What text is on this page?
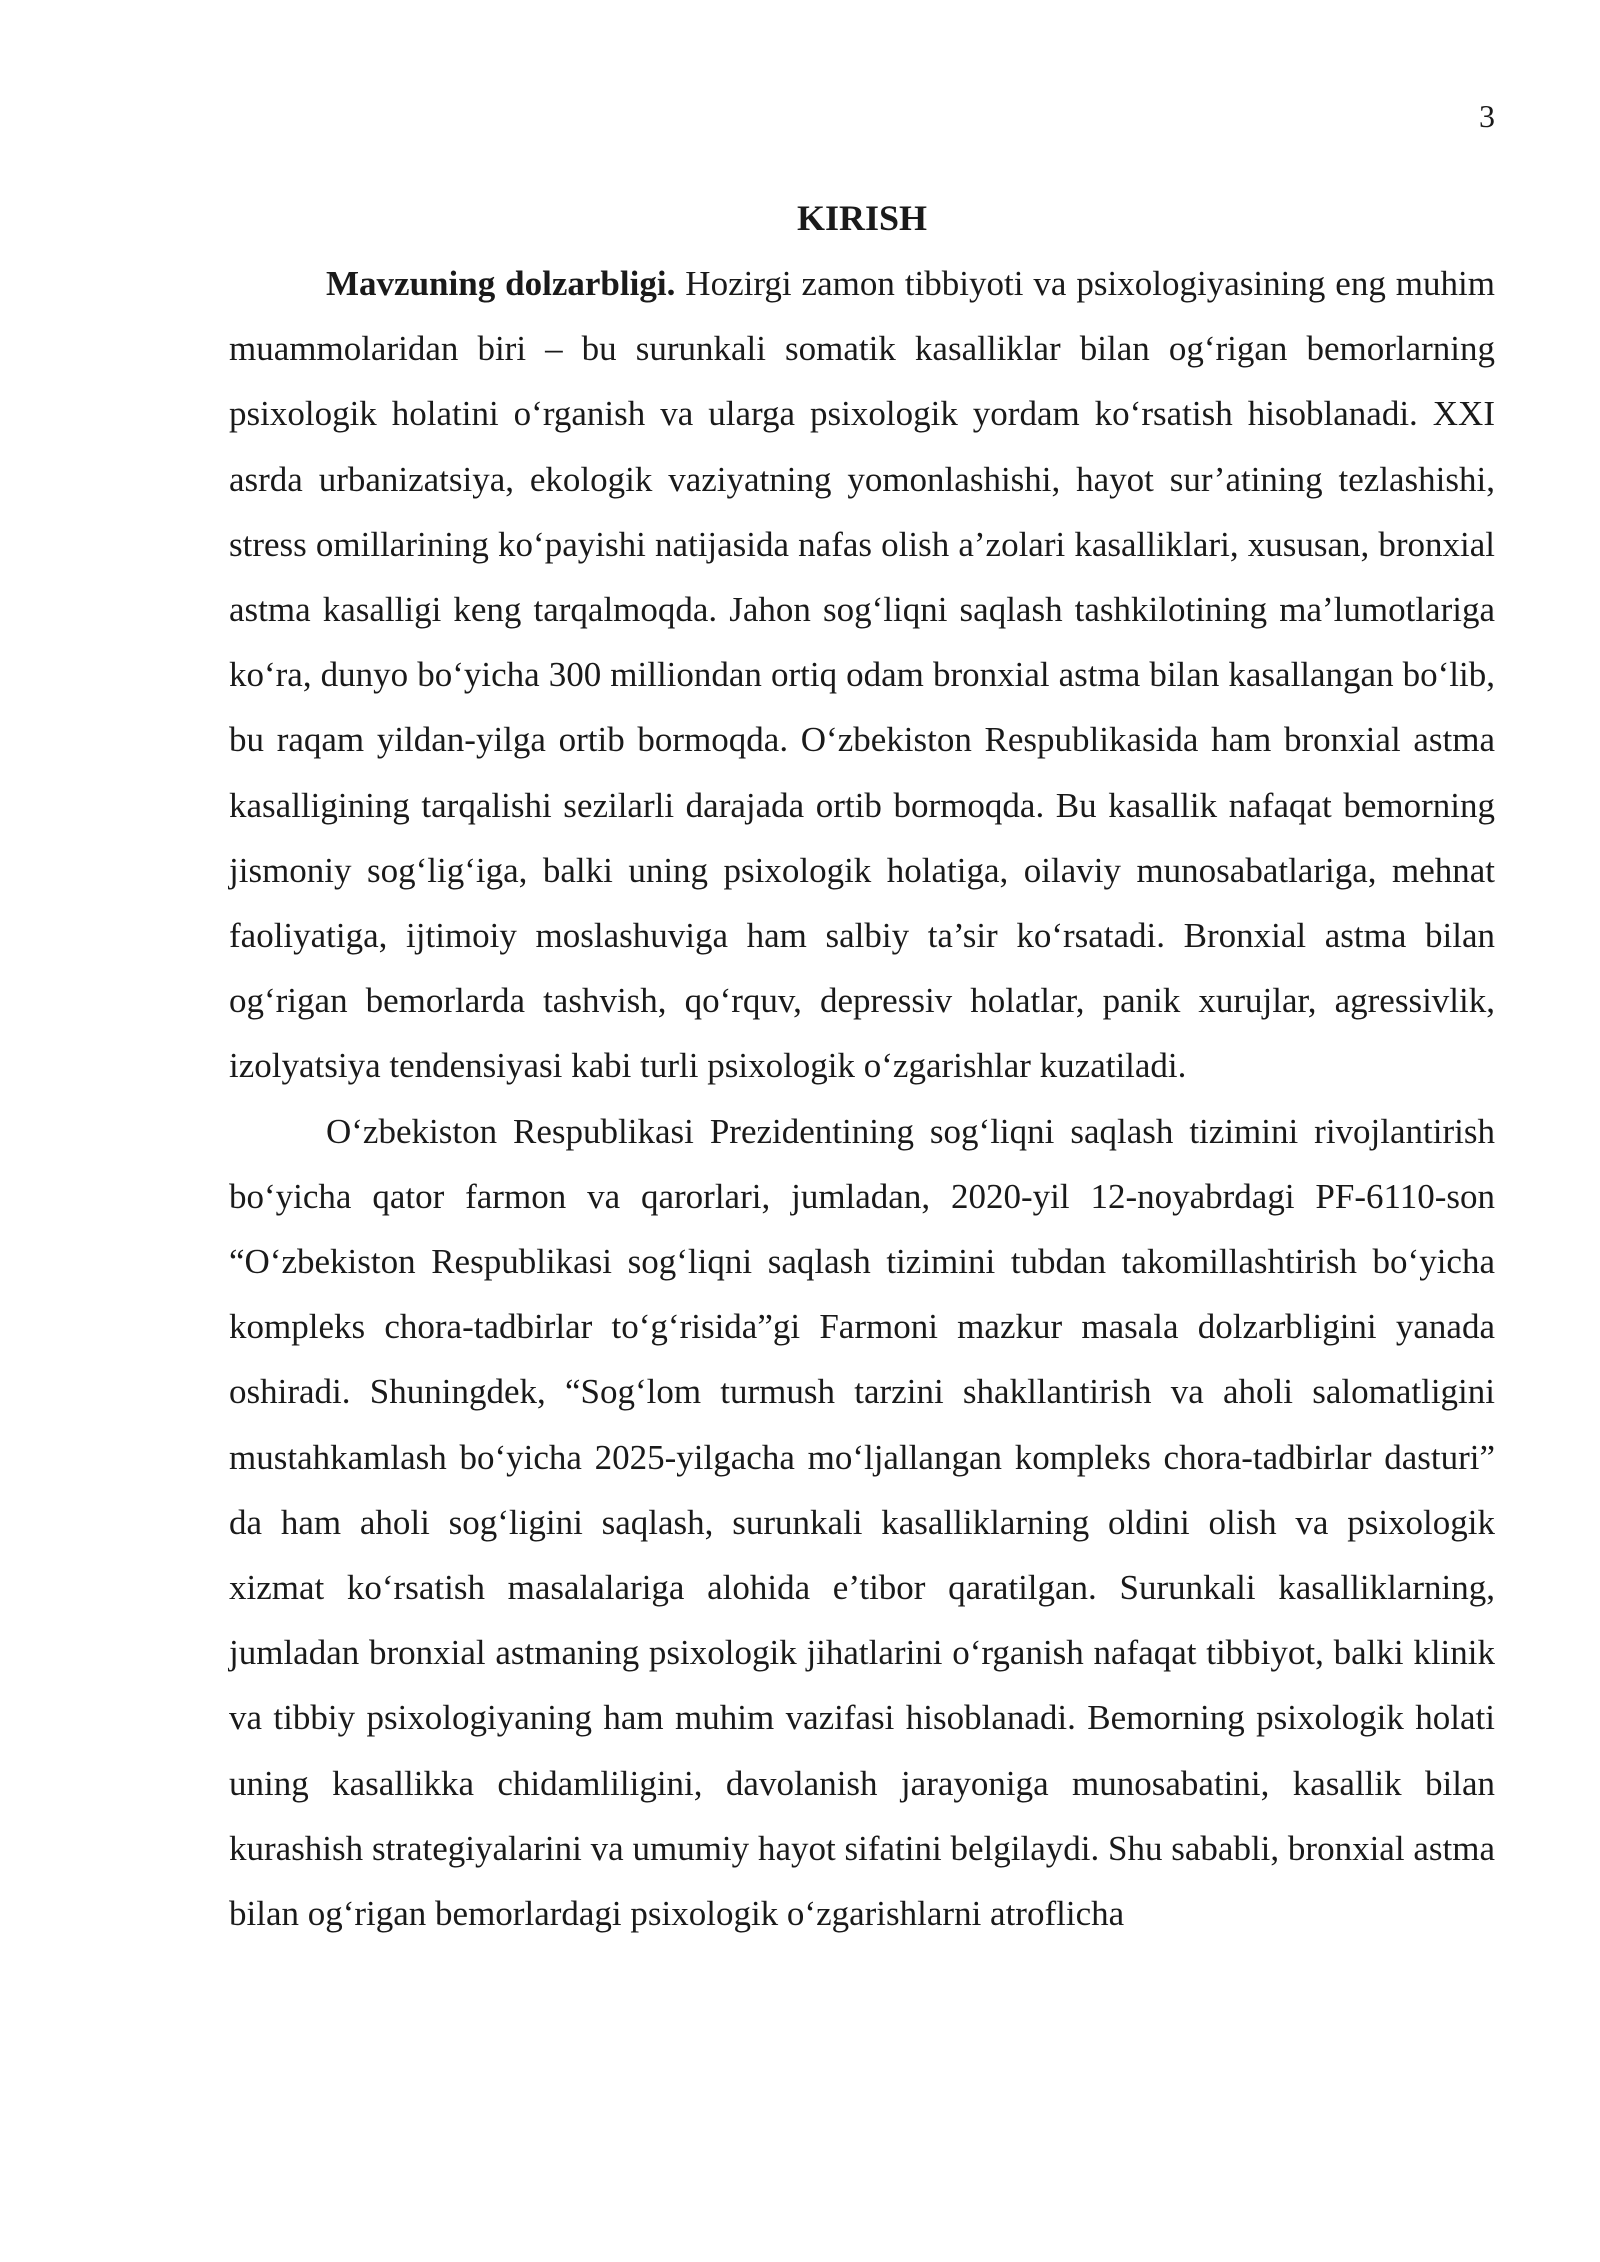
3
KIRISH

Mavzuning dolzarbligi. Hozirgi zamon tibbiyoti va psixologiyasining eng muhim muammolaridan biri – bu surunkali somatik kasalliklar bilan og‘rigan bemorlarning psixologik holatini o‘rganish va ularga psixologik yordam ko‘rsatish hisoblanadi. XXI asrda urbanizatsiya, ekologik vaziyatning yomonlashishi, hayot sur’atining tezlashishi, stress omillarining ko‘payishi natijasida nafas olish a’zolari kasalliklari, xususan, bronxial astma kasalligi keng tarqalmoqda. Jahon sog‘liqni saqlash tashkilotining ma’lumotlariga ko‘ra, dunyo bo‘yicha 300 milliondan ortiq odam bronxial astma bilan kasallangan bo‘lib, bu raqam yildan-yilga ortib bormoqda. O‘zbekiston Respublikasida ham bronxial astma kasalligining tarqalishi sezilarli darajada ortib bormoqda. Bu kasallik nafaqat bemorning jismoniy sog‘lig‘iga, balki uning psixologik holatiga, oilaviy munosabatlariga, mehnat faoliyatiga, ijtimoiy moslashuviga ham salbiy ta’sir ko‘rsatadi. Bronxial astma bilan og‘rigan bemorlarda tashvish, qo‘rquv, depressiv holatlar, panik xurujlar, agressivlik, izolyatsiya tendensiyasi kabi turli psixologik o‘zgarishlar kuzatiladi.

O‘zbekiston Respublikasi Prezidentining sog‘liqni saqlash tizimini rivojlantirish bo‘yicha qator farmon va qarorlari, jumladan, 2020-yil 12-noyabrdagi PF-6110-son “O‘zbekiston Respublikasi sog‘liqni saqlash tizimini tubdan takomillashtirish bo‘yicha kompleks chora-tadbirlar to‘g‘risida”gi Farmoni mazkur masala dolzarbligini yanada oshiradi. Shuningdek, “Sog‘lom turmush tarzini shakllantirish va aholi salomatligini mustahkamlash bo‘yicha 2025-yilgacha mo‘ljallangan kompleks chora-tadbirlar dasturi” da ham aholi sog‘ligini saqlash, surunkali kasalliklarning oldini olish va psixologik xizmat ko‘rsatish masalalariga alohida e’tibor qaratilgan. Surunkali kasalliklarning, jumladan bronxial astmaning psixologik jihatlarini o‘rganish nafaqat tibbiyot, balki klinik va tibbiy psixologiyaning ham muhim vazifasi hisoblanadi. Bemorning psixologik holati uning kasallikka chidamliligini, davolanish jarayoniga munosabatini, kasallik bilan kurashish strategiyalarini va umumiy hayot sifatini belgilaydi. Shu sababli, bronxial astma bilan og‘rigan bemorlardagi psixologik o‘zgarishlarni atroflicha
